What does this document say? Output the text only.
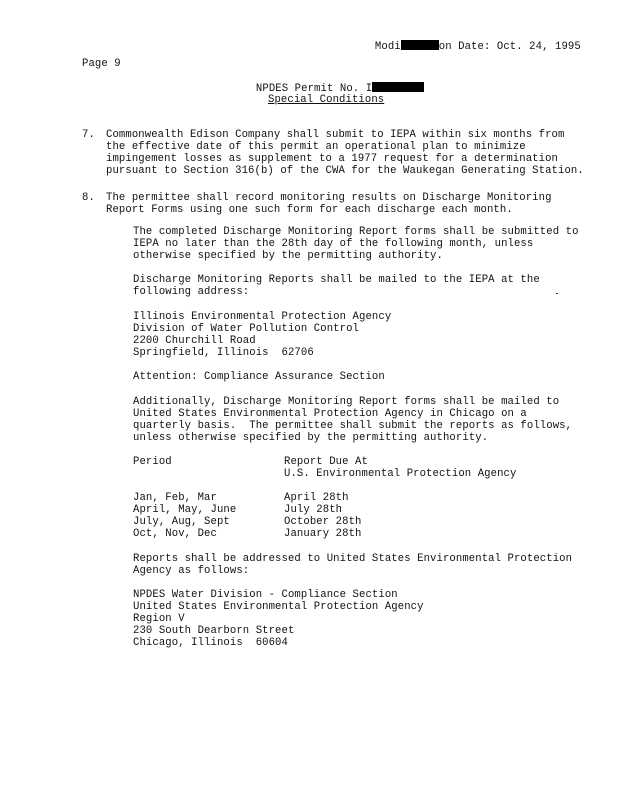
Modi	on Date: Oct. 24, 1995

Page 9

NPDES Permit No. I

Special Conditions
7. Commonwealth Edison Company shall submit to IEPA within six months from
the effective date of this permit an operational plan to minimize
impingement losses as supplement to a 1977 request for a determination
pursuant to Section 316(b) of the CWA for the Waukegan Generating Station.
8. The permittee shall record monitoring results on Discharge Monitoring
Report Forms using one such form for each discharge each month.
The completed Discharge Monitoring Report forms shall be submitted to
IEPA no later than the 28th day of the following month, unless
otherwise specified by the permitting authority.
Discharge Monitoring Reports shall be mailed to the IEPA at the
following address:
Illinois Environmental Protection Agency
Division of Water Pollution Control
2200 Churchill Road
Springfield, Illinois  62706
Attention: Compliance Assurance Section
Additionally, Discharge Monitoring Report forms shall be mailed to
United States Environmental Protection Agency in Chicago on a
quarterly basis.  The permittee shall submit the reports as follows,
unless otherwise specified by the permitting authority.
Period	Report Due At
U.S. Environmental Protection Agency
Jan, Feb, Mar	April 28th
April, May, June	July 28th
July, Aug, Sept	October 28th
Oct, Nov, Dec	January 28th
Reports shall be addressed to United States Environmental Protection
Agency as follows:
NPDES Water Division - Compliance Section
United States Environmental Protection Agency
Region V
230 South Dearborn Street
Chicago, Illinois  60604
